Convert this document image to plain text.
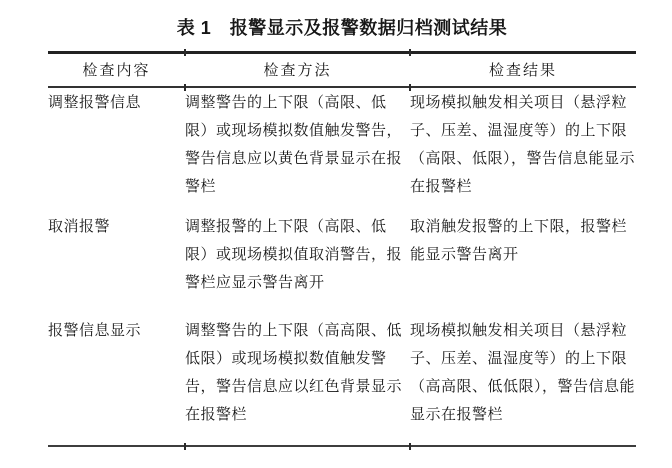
表 1　报警显示及报警数据归档测试结果
检查内容	检查方法	检查结果
调整报警信息	调整警告的上下限（高限、低限）或现场模拟数值触发警告，警告信息应以黄色背景显示在报警栏	现场模拟触发相关项目（悬浮粒子、压差、温湿度等）的上下限（高限、低限），警告信息能显示在报警栏
取消报警	调整报警的上下限（高限、低限）或现场模拟值取消警告，报警栏应显示警告离开	取消触发报警的上下限，报警栏能显示警告离开
报警信息显示	调整警告的上下限（高高限、低低限）或现场模拟数值触发警告，警告信息应以红色背景显示在报警栏	现场模拟触发相关项目（悬浮粒子、压差、温湿度等）的上下限（高高限、低低限），警告信息能显示在报警栏
